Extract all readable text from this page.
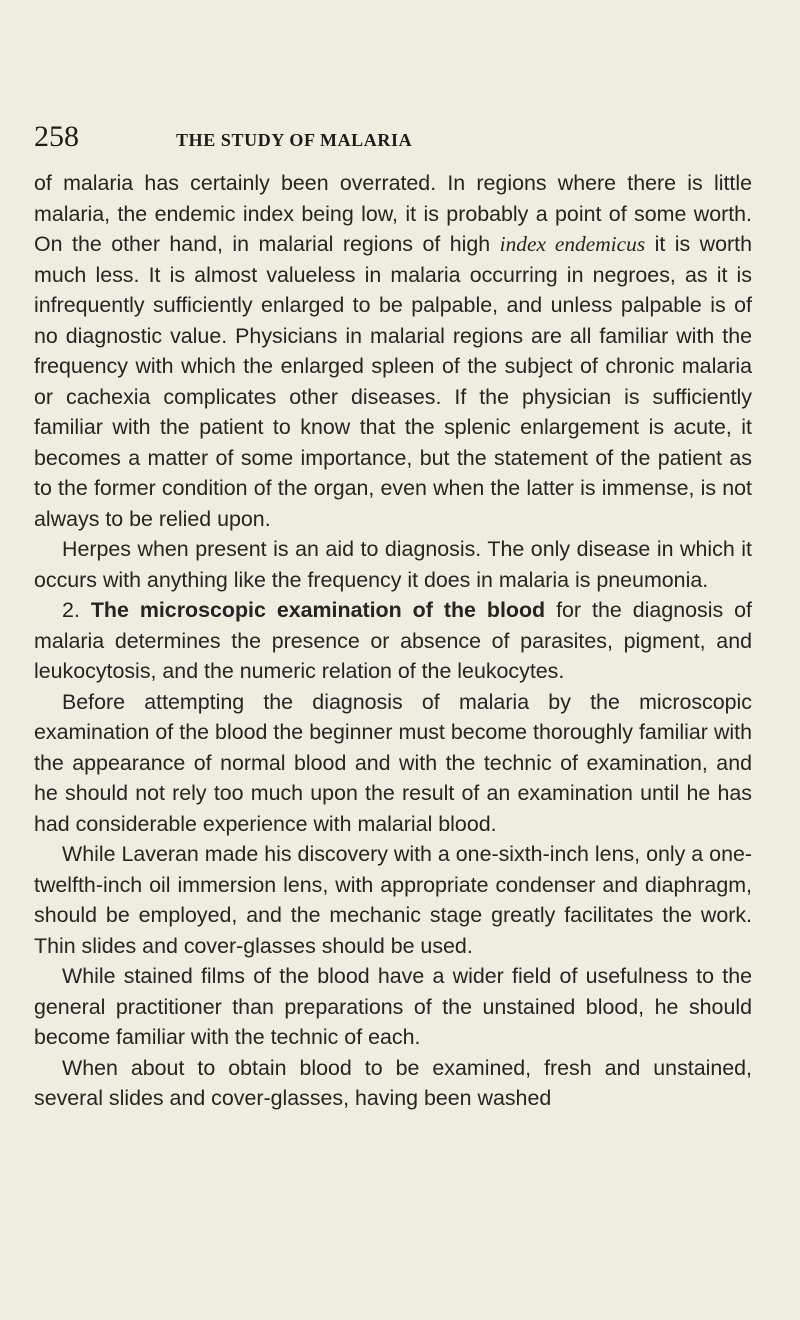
258	THE STUDY OF MALARIA

of malaria has certainly been overrated. In regions where there is little malaria, the endemic index being low, it is probably a point of some worth. On the other hand, in malarial regions of high index endemicus it is worth much less. It is almost valueless in malaria occurring in negroes, as it is infrequently sufficiently enlarged to be palpable, and unless palpable is of no diagnostic value. Physicians in malarial regions are all familiar with the frequency with which the enlarged spleen of the subject of chronic malaria or cachexia complicates other diseases. If the physician is sufficiently familiar with the patient to know that the splenic enlargement is acute, it becomes a matter of some importance, but the statement of the patient as to the former condition of the organ, even when the latter is immense, is not always to be relied upon.

Herpes when present is an aid to diagnosis. The only disease in which it occurs with anything like the frequency it does in malaria is pneumonia.

2. The microscopic examination of the blood for the diagnosis of malaria determines the presence or absence of parasites, pigment, and leukocytosis, and the numeric relation of the leukocytes.

Before attempting the diagnosis of malaria by the microscopic examination of the blood the beginner must become thoroughly familiar with the appearance of normal blood and with the technic of examination, and he should not rely too much upon the result of an examination until he has had considerable experience with malarial blood.

While Laveran made his discovery with a one-sixth-inch lens, only a one-twelfth-inch oil immersion lens, with appropriate condenser and diaphragm, should be employed, and the mechanic stage greatly facilitates the work. Thin slides and cover-glasses should be used.

While stained films of the blood have a wider field of usefulness to the general practitioner than preparations of the unstained blood, he should become familiar with the technic of each.

When about to obtain blood to be examined, fresh and unstained, several slides and cover-glasses, having been washed
